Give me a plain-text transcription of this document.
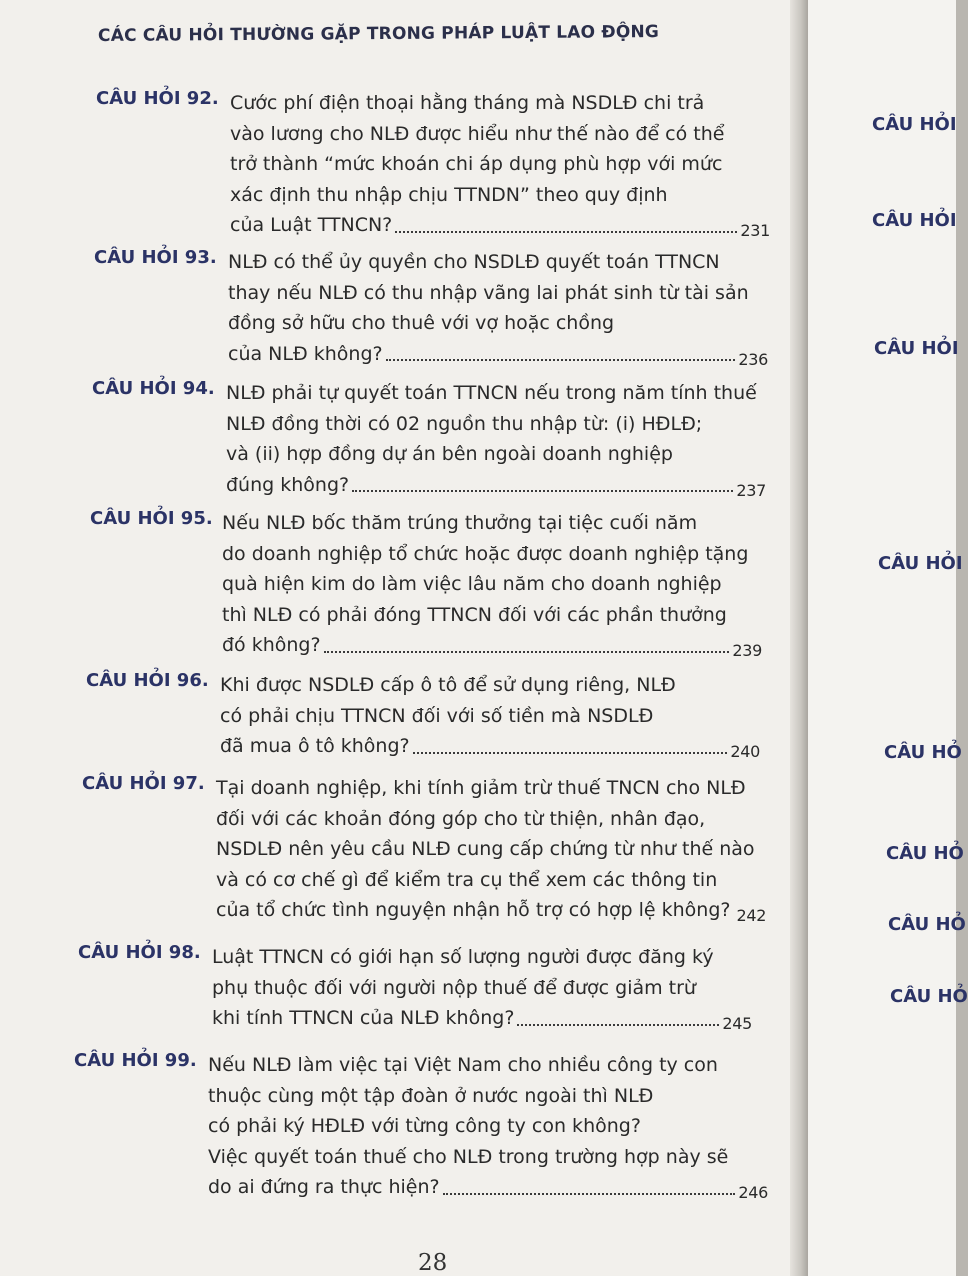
CÁC CÂU HỎI THƯỜNG GẶP TRONG PHÁP LUẬT LAO ĐỘNG
CÂU HỎI 92. Cước phí điện thoại hằng tháng mà NSDLĐ chi trả
vào lương cho NLĐ được hiểu như thế nào để có thể
trở thành “mức khoán chi áp dụng phù hợp với mức
xác định thu nhập chịu TTNDN” theo quy định
của Luật TTNCN?	231
CÂU HỎI 93. NLĐ có thể ủy quyền cho NSDLĐ quyết toán TTNCN
thay nếu NLĐ có thu nhập vãng lai phát sinh từ tài sản
đồng sở hữu cho thuê với vợ hoặc chồng
của NLĐ không?	236
CÂU HỎI 94. NLĐ phải tự quyết toán TTNCN nếu trong năm tính thuế
NLĐ đồng thời có 02 nguồn thu nhập từ: (i) HĐLĐ;
và (ii) hợp đồng dự án bên ngoài doanh nghiệp
đúng không?	237
CÂU HỎI 95. Nếu NLĐ bốc thăm trúng thưởng tại tiệc cuối năm
do doanh nghiệp tổ chức hoặc được doanh nghiệp tặng
quà hiện kim do làm việc lâu năm cho doanh nghiệp
thì NLĐ có phải đóng TTNCN đối với các phần thưởng
đó không?	239
CÂU HỎI 96. Khi được NSDLĐ cấp ô tô để sử dụng riêng, NLĐ
có phải chịu TTNCN đối với số tiền mà NSDLĐ
đã mua ô tô không?	240
CÂU HỎI 97. Tại doanh nghiệp, khi tính giảm trừ thuế TNCN cho NLĐ
đối với các khoản đóng góp cho từ thiện, nhân đạo,
NSDLĐ nên yêu cầu NLĐ cung cấp chứng từ như thế nào
và có cơ chế gì để kiểm tra cụ thể xem các thông tin
của tổ chức tình nguyện nhận hỗ trợ có hợp lệ không? 242
CÂU HỎI 98. Luật TTNCN có giới hạn số lượng người được đăng ký
phụ thuộc đối với người nộp thuế để được giảm trừ
khi tính TTNCN của NLĐ không?	245
CÂU HỎI 99. Nếu NLĐ làm việc tại Việt Nam cho nhiều công ty con
thuộc cùng một tập đoàn ở nước ngoài thì NLĐ
có phải ký HĐLĐ với từng công ty con không?
Việc quyết toán thuế cho NLĐ trong trường hợp này sẽ
do ai đứng ra thực hiện?	246
28
CÂU HỎI
CÂU HỎI
CÂU HỎI
CÂU HỎI
CÂU HỎ
CÂU HỎ
CÂU HỎ
CÂU HỎ
